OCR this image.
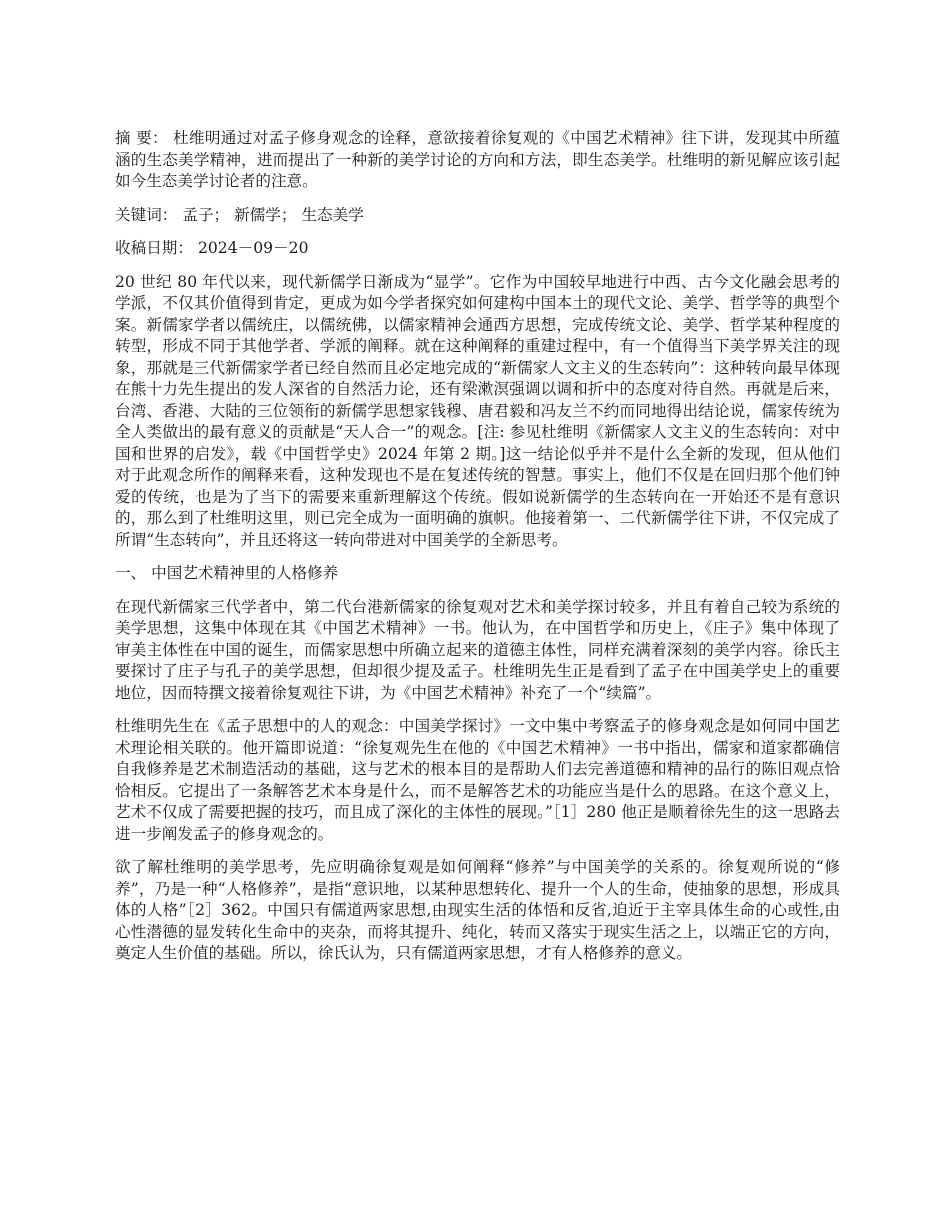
摘 要： 杜维明通过对孟子修身观念的诠释，意欲接着徐复观的《中国艺术精神》往下讲，发现其中所蕴涵的生态美学精神，进而提出了一种新的美学讨论的方向和方法，即生态美学。杜维明的新见解应该引起如今生态美学讨论者的注意。

关键词： 孟子； 新儒学； 生态美学

收稿日期： 2024－09－20

20 世纪 80 年代以来，现代新儒学日渐成为“显学”。它作为中国较早地进行中西、古今文化融会思考的学派，不仅其价值得到肯定，更成为如今学者探究如何建构中国本土的现代文论、美学、哲学等的典型个案。新儒家学者以儒统庄，以儒统佛，以儒家精神会通西方思想，完成传统文论、美学、哲学某种程度的转型，形成不同于其他学者、学派的阐释。就在这种阐释的重建过程中，有一个值得当下美学界关注的现象，那就是三代新儒家学者已经自然而且必定地完成的“新儒家人文主义的生态转向”：这种转向最早体现在熊十力先生提出的发人深省的自然活力论，还有梁漱溟强调以调和折中的态度对待自然。再就是后来，台湾、香港、大陆的三位领衔的新儒学思想家钱穆、唐君毅和冯友兰不约而同地得出结论说，儒家传统为全人类做出的最有意义的贡献是“天人合一”的观念。[注: 参见杜维明《新儒家人文主义的生态转向：对中国和世界的启发》，载《中国哲学史》2024 年第 2 期。]这一结论似乎并不是什么全新的发现，但从他们对于此观念所作的阐释来看，这种发现也不是在复述传统的智慧。事实上，他们不仅是在回归那个他们钟爱的传统，也是为了当下的需要来重新理解这个传统。假如说新儒学的生态转向在一开始还不是有意识的，那么到了杜维明这里，则已完全成为一面明确的旗帜。他接着第一、二代新儒学往下讲，不仅完成了所谓“生态转向”，并且还将这一转向带进对中国美学的全新思考。

一、 中国艺术精神里的人格修养

在现代新儒家三代学者中，第二代台港新儒家的徐复观对艺术和美学探讨较多，并且有着自己较为系统的美学思想，这集中体现在其《中国艺术精神》一书。他认为，在中国哲学和历史上，《庄子》集中体现了审美主体性在中国的诞生，而儒家思想中所确立起来的道德主体性，同样充满着深刻的美学内容。徐氏主要探讨了庄子与孔子的美学思想，但却很少提及孟子。杜维明先生正是看到了孟子在中国美学史上的重要地位，因而特撰文接着徐复观往下讲，为《中国艺术精神》补充了一个“续篇”。

杜维明先生在《孟子思想中的人的观念：中国美学探讨》一文中集中考察孟子的修身观念是如何同中国艺术理论相关联的。他开篇即说道：“徐复观先生在他的《中国艺术精神》一书中指出，儒家和道家都确信自我修养是艺术制造活动的基础，这与艺术的根本目的是帮助人们去完善道德和精神的品行的陈旧观点恰恰相反。它提出了一条解答艺术本身是什么，而不是解答艺术的功能应当是什么的思路。在这个意义上，艺术不仅成了需要把握的技巧，而且成了深化的主体性的展现。”［1］280 他正是顺着徐先生的这一思路去进一步阐发孟子的修身观念的。

欲了解杜维明的美学思考，先应明确徐复观是如何阐释“修养”与中国美学的关系的。徐复观所说的“修养”，乃是一种“人格修养”，是指“意识地，以某种思想转化、提升一个人的生命，使抽象的思想，形成具体的人格”［2］362。中国只有儒道两家思想,由现实生活的体悟和反省,迫近于主宰具体生命的心或性,由心性潜德的显发转化生命中的夹杂，而将其提升、纯化，转而又落实于现实生活之上，以端正它的方向，奠定人生价值的基础。所以，徐氏认为，只有儒道两家思想，才有人格修养的意义。
